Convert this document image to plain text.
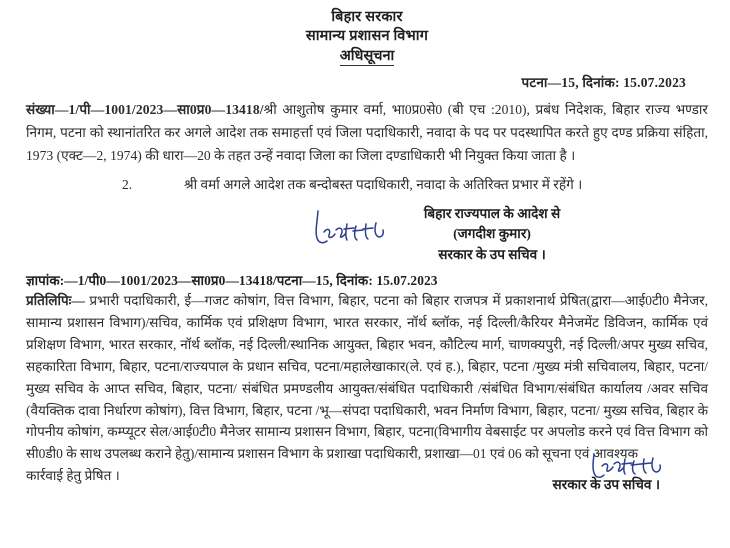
बिहार सरकार
सामान्य प्रशासन विभाग
अधिसूचना
पटना—15, दिनांक: 15.07.2023

संख्या—1/पी—1001/2023—सा0प्र0—13418/श्री आशुतोष कुमार वर्मा, भा0प्र0से0 (बी एच :2010), प्रबंध निदेशक, बिहार राज्य भण्डार निगम, पटना को स्थानांतरित कर अगले आदेश तक समाहर्त्ता एवं जिला पदाधिकारी, नवादा के पद पर पदस्थापित करते हुए दण्ड प्रक्रिया संहिता, 1973 (एक्ट—2, 1974) की धारा—20 के तहत उन्हें नवादा जिला का जिला दण्डाधिकारी भी नियुक्त किया जाता है ।

2.	श्री वर्मा अगले आदेश तक बन्दोबस्त पदाधिकारी, नवादा के अतिरिक्त प्रभार में रहेंगे ।

बिहार राज्यपाल के आदेश से
(जगदीश कुमार)
सरकार के उप सचिव ।
ज्ञापांक:—1/पी0—1001/2023—सा0प्र0—13418/पटना—15, दिनांक: 15.07.2023
प्रतिलिपिः— प्रभारी पदाधिकारी, ई—गजट कोषांग, वित्त विभाग, बिहार, पटना को बिहार राजपत्र में प्रकाशनार्थ प्रेषित(द्वारा—आई0टी0 मैनेजर, सामान्य प्रशासन विभाग)/सचिव, कार्मिक एवं प्रशिक्षण विभाग, भारत सरकार, नॉर्थ ब्लॉक, नई दिल्ली/कैरियर मैनेजमेंट डिविजन, कार्मिक एवं प्रशिक्षण विभाग, भारत सरकार, नॉर्थ ब्लॉक, नई दिल्ली/स्थानिक आयुक्त, बिहार भवन, कौटिल्य मार्ग, चाणक्यपुरी, नई दिल्ली/अपर मुख्य सचिव, सहकारिता विभाग, बिहार, पटना/राज्यपाल के प्रधान सचिव, पटना/महालेखाकार(ले. एवं ह.), बिहार, पटना /मुख्य मंत्री सचिवालय, बिहार, पटना/मुख्य सचिव के आप्त सचिव, बिहार, पटना/ संबंधित प्रमण्डलीय आयुक्त/संबंधित पदाधिकारी /संबंधित विभाग/संबंधित कार्यालय /अवर सचिव (वैयक्तिक दावा निर्धारण कोषांग), वित्त विभाग, बिहार, पटना /भू—संपदा पदाधिकारी, भवन निर्माण विभाग, बिहार, पटना/ मुख्य सचिव, बिहार के गोपनीय कोषांग, कम्प्यूटर सेल/आई0टी0 मैनेजर सामान्य प्रशासन विभाग, बिहार, पटना(विभागीय वेबसाईट पर अपलोड करने एवं वित्त विभाग को सी0डी0 के साथ उपलब्ध कराने हेतु)/सामान्य प्रशासन विभाग के प्रशाखा पदाधिकारी, प्रशाखा—01 एवं 06 को सूचना एवं आवश्यक
कार्रवाई हेतु प्रेषित ।
सरकार के उप सचिव ।
